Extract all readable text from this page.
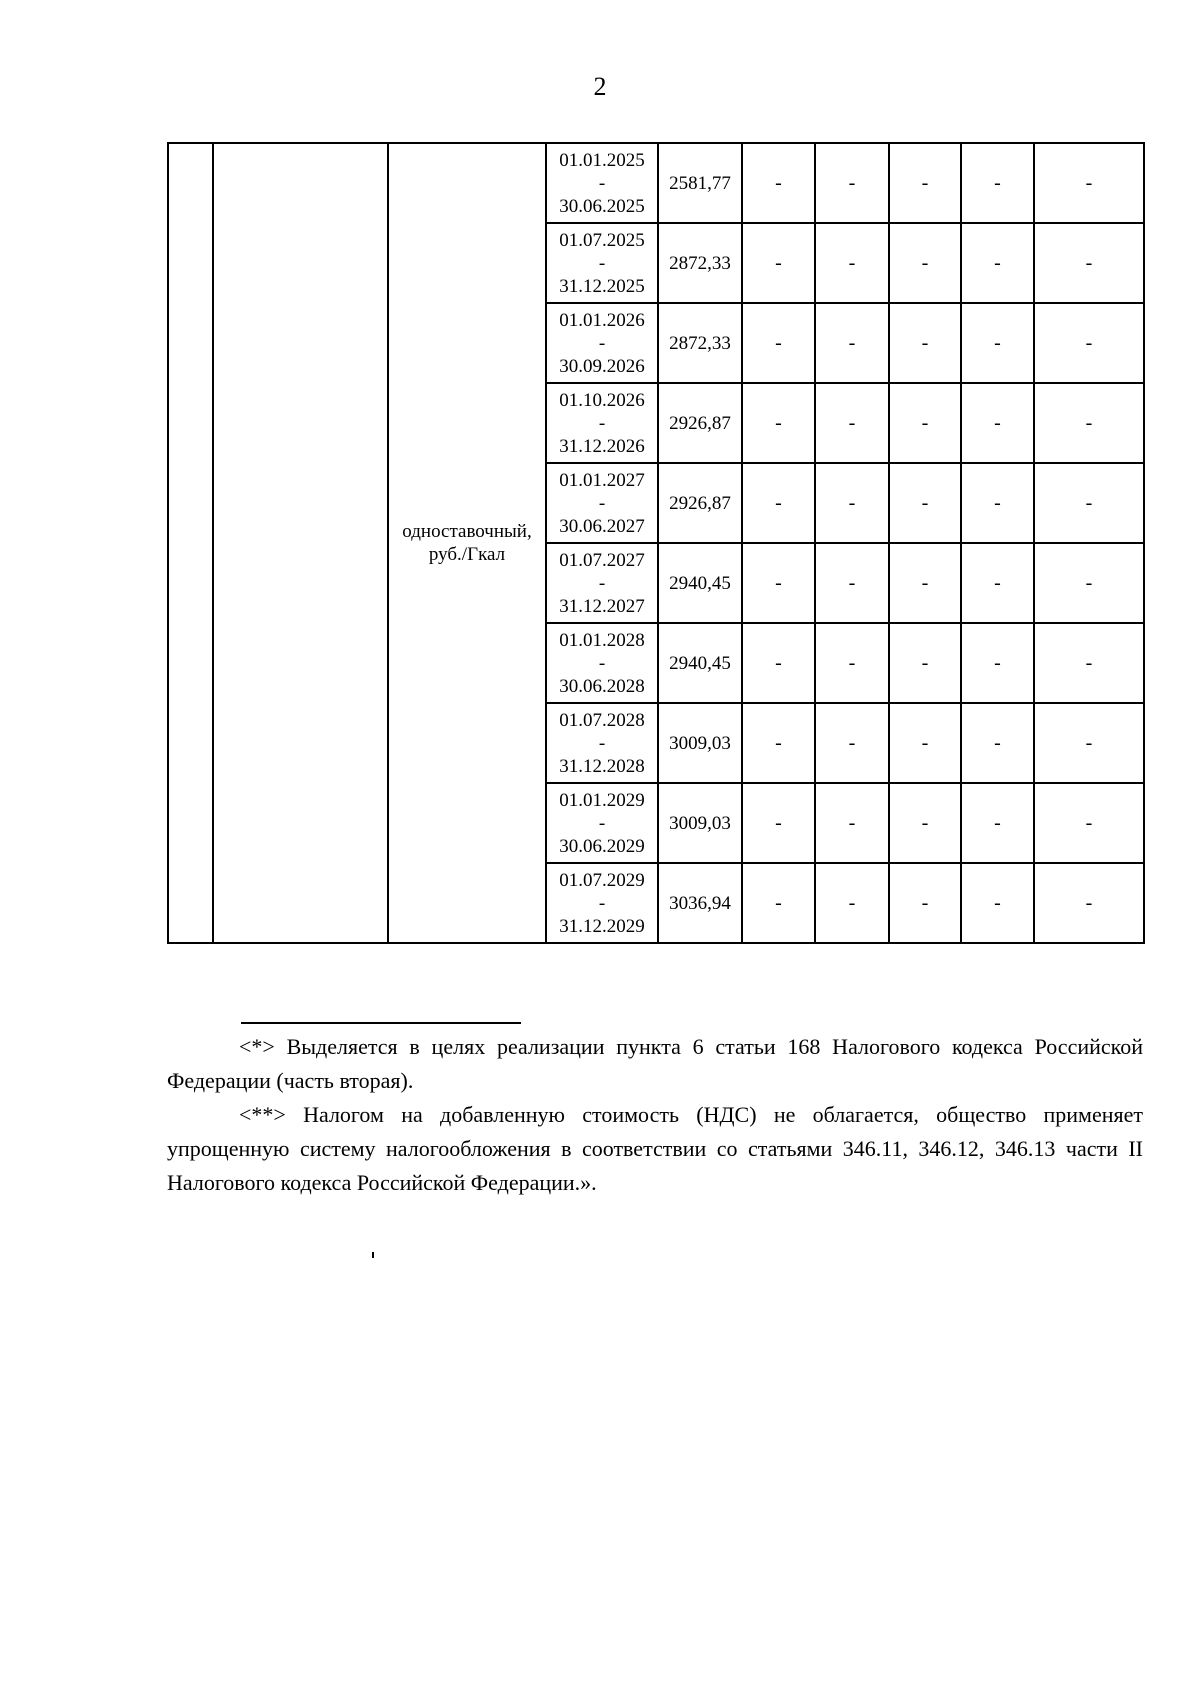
2
		одноставочный, руб./Гкал	01.01.2025
-
30.06.2025	2581,77	-	-	-	-	-

			01.07.2025
-
31.12.2025	2872,33	-	-	-	-	-

			01.01.2026
-
30.09.2026	2872,33	-	-	-	-	-

			01.10.2026
-
31.12.2026	2926,87	-	-	-	-	-

			01.01.2027
-
30.06.2027	2926,87	-	-	-	-	-

			01.07.2027
-
31.12.2027	2940,45	-	-	-	-	-

			01.01.2028
-
30.06.2028	2940,45	-	-	-	-	-

			01.07.2028
-
31.12.2028	3009,03	-	-	-	-	-

			01.01.2029
-
30.06.2029	3009,03	-	-	-	-	-

			01.07.2029
-
31.12.2029	3036,94	-	-	-	-	-

<*> Выделяется в целях реализации пункта 6 статьи 168 Налогового кодекса Российской Федерации (часть вторая).

<**> Налогом на добавленную стоимость (НДС) не облагается, общество применяет упрощенную систему налогообложения в соответствии со статьями 346.11, 346.12, 346.13 части II Налогового кодекса Российской Федерации.».
